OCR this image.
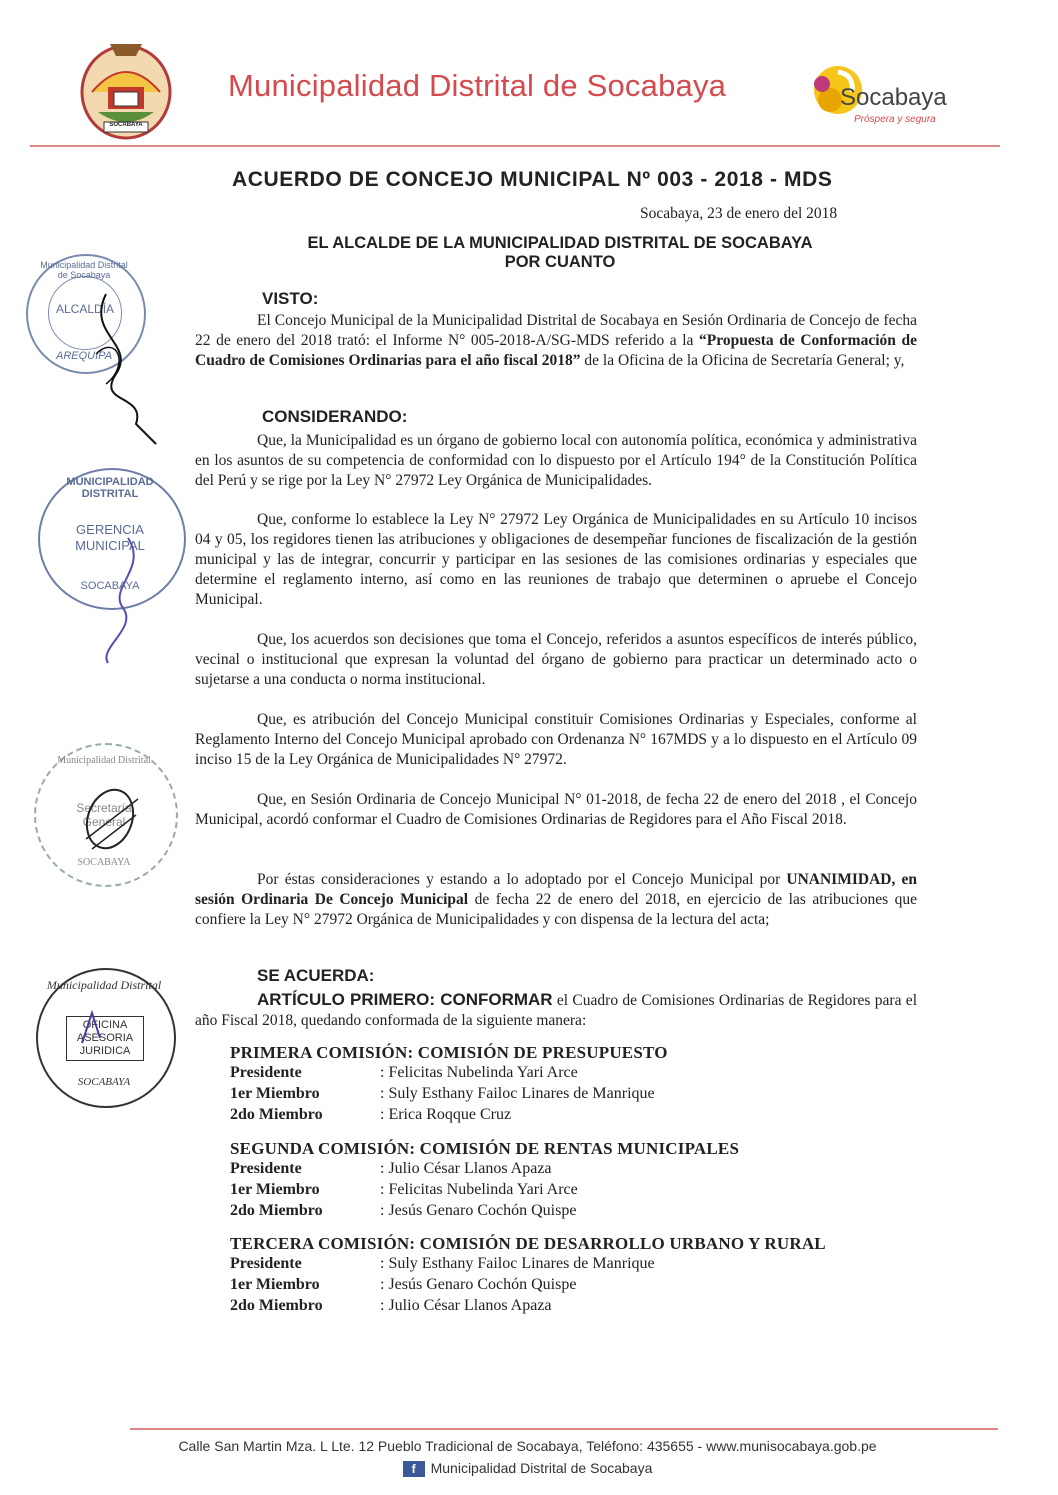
SOCABAYA
Municipalidad Distrital de Socabaya	Socabaya
Próspera y segura
ACUERDO DE CONCEJO MUNICIPAL Nº 003 - 2018 - MDS
Socabaya, 23 de enero del 2018
EL ALCALDE DE LA MUNICIPALIDAD DISTRITAL DE SOCABAYA
POR CUANTO
VISTO:

El Concejo Municipal de la Municipalidad Distrital de Socabaya en Sesión Ordinaria de Concejo de fecha 22 de enero del 2018 trató: el Informe N° 005-2018-A/SG-MDS referido a la “Propuesta de Conformación de Cuadro de Comisiones Ordinarias para el año fiscal 2018” de la Oficina de la Oficina de Secretaría General; y,

CONSIDERANDO:

Que, la Municipalidad es un órgano de gobierno local con autonomía política, económica y administrativa en los asuntos de su competencia de conformidad con lo dispuesto por el Artículo 194° de la Constitución Política del Perú y se rige por la Ley N° 27972 Ley Orgánica de Municipalidades.

Que, conforme lo establece la Ley N° 27972 Ley Orgánica de Municipalidades en su Artículo 10 incisos 04 y 05, los regidores tienen las atribuciones y obligaciones de desempeñar funciones de fiscalización de la gestión municipal y las de integrar, concurrir y participar en las sesiones de las comisiones ordinarias y especiales que determine el reglamento interno, así como en las reuniones de trabajo que determinen o apruebe el Concejo Municipal.

Que, los acuerdos son decisiones que toma el Concejo, referidos a asuntos específicos de interés público, vecinal o institucional que expresan la voluntad del órgano de gobierno para practicar un determinado acto o sujetarse a una conducta o norma institucional.

Que, es atribución del Concejo Municipal constituir Comisiones Ordinarias y Especiales, conforme al Reglamento Interno del Concejo Municipal aprobado con Ordenanza N° 167MDS y a lo dispuesto en el Artículo 09 inciso 15 de la Ley Orgánica de Municipalidades N° 27972.

Que, en Sesión Ordinaria de Concejo Municipal N° 01-2018, de fecha 22 de enero del 2018 , el Concejo Municipal, acordó conformar el Cuadro de Comisiones Ordinarias de Regidores para el Año Fiscal 2018.

Por éstas consideraciones y estando a lo adoptado por el Concejo Municipal por UNANIMIDAD, en sesión Ordinaria De Concejo Municipal de fecha 22 de enero del 2018, en ejercicio de las atribuciones que confiere la Ley N° 27972 Orgánica de Municipalidades y con dispensa de la lectura del acta;

SE ACUERDA:

ARTÍCULO PRIMERO: CONFORMAR el Cuadro de Comisiones Ordinarias de Regidores para el año Fiscal 2018, quedando conformada de la siguiente manera:

PRIMERA COMISIÓN: COMISIÓN DE PRESUPUESTO
Presidente
1er Miembro
2do Miembro
: Felicitas Nubelinda Yari Arce
: Suly Esthany Failoc Linares de Manrique
: Erica Roqque Cruz
SEGUNDA COMISIÓN: COMISIÓN DE RENTAS MUNICIPALES
Presidente
1er Miembro
2do Miembro
: Julio César Llanos Apaza
: Felicitas Nubelinda Yari Arce
: Jesús Genaro Cochón Quispe
TERCERA COMISIÓN: COMISIÓN DE DESARROLLO URBANO Y RURAL
Presidente
1er Miembro
2do Miembro
: Suly Esthany Failoc Linares de Manrique
: Jesús Genaro Cochón Quispe
: Julio César Llanos Apaza
Municipalidad Distrital de Socabaya
ALCALDÍA
AREQUIPA
MUNICIPALIDAD DISTRITAL
GERENCIA MUNICIPAL
SOCABAYA
Municipalidad Distrital
Secretaría General
SOCABAYA
Municipalidad Distrital
OFICINA ASESORIA JURIDICA
SOCABAYA
Calle San Martin Mza. L Lte. 12 Pueblo Tradicional de Socabaya, Teléfono: 435655 - www.munisocabaya.gob.pe
f Municipalidad Distrital de Socabaya
